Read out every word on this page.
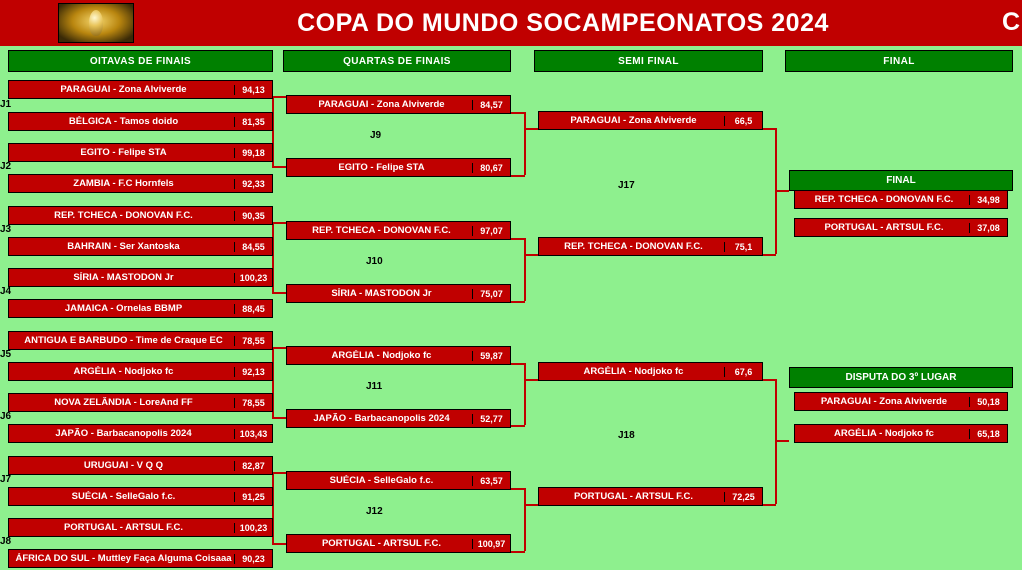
COPA DO MUNDO SOCAMPEONATOS 2024	C
OITAVAS DE FINAIS	QUARTAS DE FINAIS	SEMI FINAL	FINAL
PARAGUAI - Zona Alviverde	94,13
BÉLGICA - Tamos doido	81,35
J1
EGITO - Felipe STA	99,18
ZAMBIA - F.C Hornfels	92,33
J2
REP. TCHECA - DONOVAN F.C.	90,35
BAHRAIN - Ser Xantoska	84,55
J3
SÍRIA - MASTODON Jr	100,23
JAMAICA - Ornelas BBMP	88,45
J4
ANTIGUA E BARBUDO - Time de Craque EC	78,55
ARGÉLIA - Nodjoko fc	92,13
J5
NOVA ZELÂNDIA - LoreAnd FF	78,55
JAPÃO - Barbacanopolis 2024	103,43
J6
URUGUAI - V Q Q	82,87
SUÉCIA - SelleGalo f.c.	91,25
J7
PORTUGAL - ARTSUL F.C.	100,23
ÁFRICA DO SUL - Muttley Faça Alguma Coisaaa	90,23
J8
PARAGUAI - Zona Alviverde	84,57
EGITO - Felipe STA	80,67
J9
REP. TCHECA - DONOVAN F.C.	97,07
SÍRIA - MASTODON Jr	75,07
J10
ARGÉLIA - Nodjoko fc	59,87
JAPÃO - Barbacanopolis 2024	52,77
J11
SUÉCIA - SelleGalo f.c.	63,57
PORTUGAL - ARTSUL F.C.	100,97
J12
PARAGUAI - Zona Alviverde	66,5
REP. TCHECA - DONOVAN F.C.	75,1
J17
ARGÉLIA - Nodjoko fc	67,6
PORTUGAL - ARTSUL F.C.	72,25
J18
FINAL
REP. TCHECA - DONOVAN F.C.	34,98
PORTUGAL - ARTSUL F.C.	37,08
DISPUTA DO 3º LUGAR
PARAGUAI - Zona Alviverde	50,18
ARGÉLIA - Nodjoko fc	65,18
